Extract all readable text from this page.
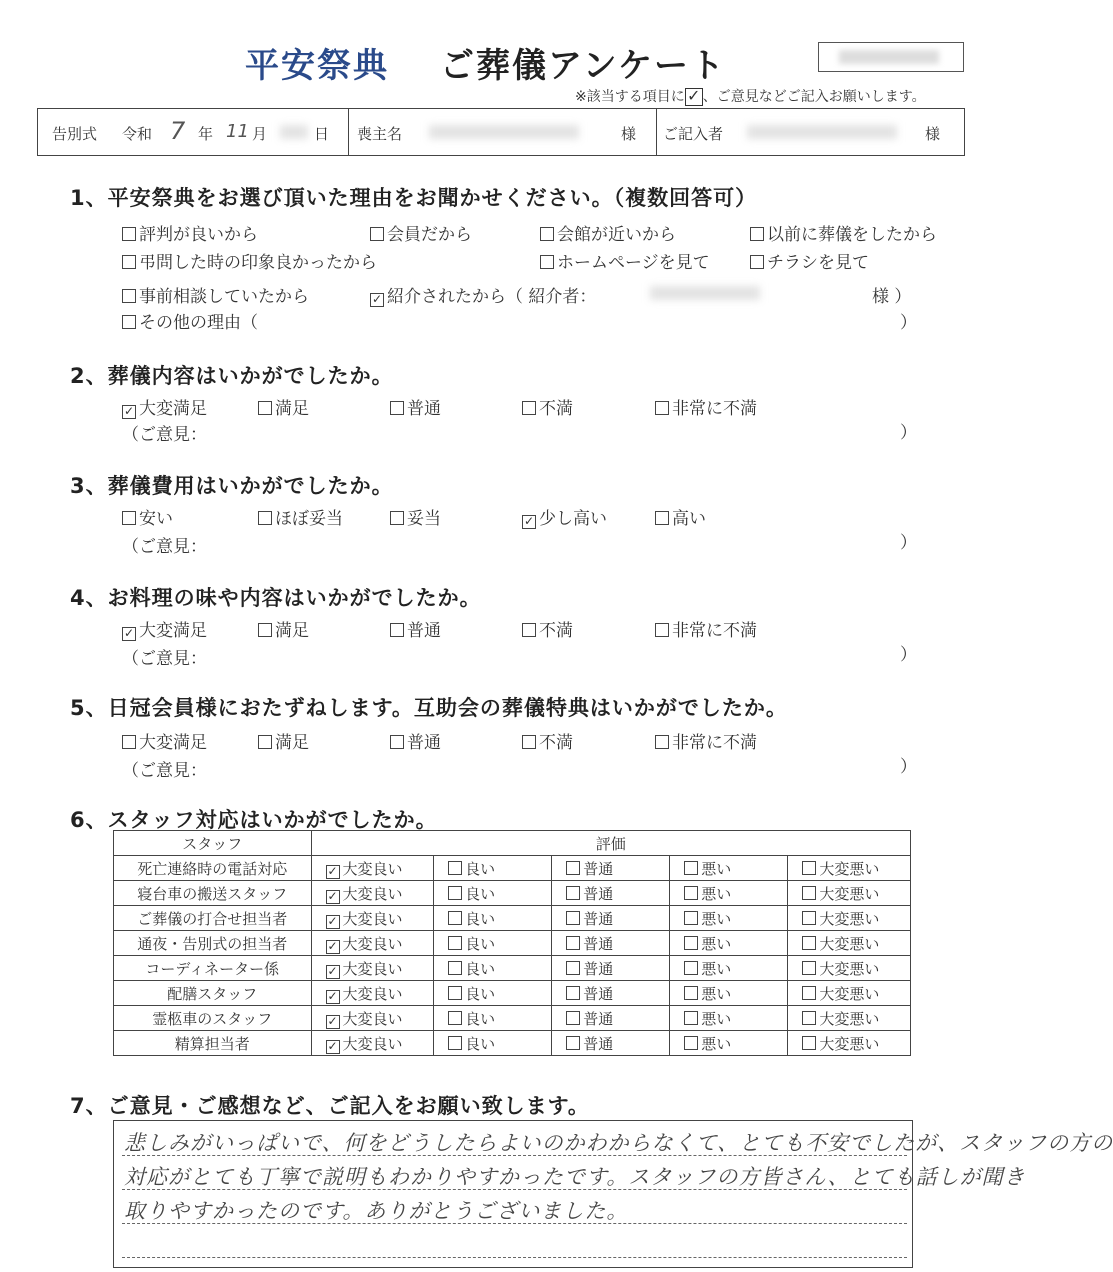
平安祭典 ご葬儀アンケート
※該当する項目に ✓ 、ご意見などご記入お願いします。
告別式 令和 7 年 11 月	日 喪主名	様 ご記入者	様
1、平安祭典をお選び頂いた理由をお聞かせください。（複数回答可）
評判が良いから	会員だから	会館が近いから	以前に葬儀をしたから
弔問した時の印象良かったから	ホームページを見て	チラシを見て
事前相談していたから	✓ 紹介されたから（ 紹介者：	様 ）
その他の理由（	）
2、葬儀内容はいかがでしたか。
✓ 大変満足	満足	普通	不満	非常に不満
（ご意見：	）
3、葬儀費用はいかがでしたか。
安い	ほぼ妥当	妥当	✓ 少し高い	高い
（ご意見：	）
4、お料理の味や内容はいかがでしたか。
✓ 大変満足	満足	普通	不満	非常に不満
（ご意見：	）
5、日冠会員様におたずねします。互助会の葬儀特典はいかがでしたか。
大変満足	満足	普通	不満	非常に不満
（ご意見：	）
6、スタッフ対応はいかがでしたか。
スタッフ	評価				
死亡連絡時の電話対応	✓ 大変良い	良い	普通	悪い	大変悪い
寝台車の搬送スタッフ	✓ 大変良い	良い	普通	悪い	大変悪い
ご葬儀の打合せ担当者	✓ 大変良い	良い	普通	悪い	大変悪い
通夜・告別式の担当者	✓ 大変良い	良い	普通	悪い	大変悪い
コーディネーター係	✓ 大変良い	良い	普通	悪い	大変悪い
配膳スタッフ	✓ 大変良い	良い	普通	悪い	大変悪い
霊柩車のスタッフ	✓ 大変良い	良い	普通	悪い	大変悪い
精算担当者	✓ 大変良い	良い	普通	悪い	大変悪い
7、ご意見・ご感想など、ご記入をお願い致します。
悲しみがいっぱいで、何をどうしたらよいのかわからなくて、とても不安でしたが、スタッフの方の
対応がとても丁寧で説明もわかりやすかったです。スタッフの方皆さん、とても話しが聞き
取りやすかったのです。ありがとうございました。
